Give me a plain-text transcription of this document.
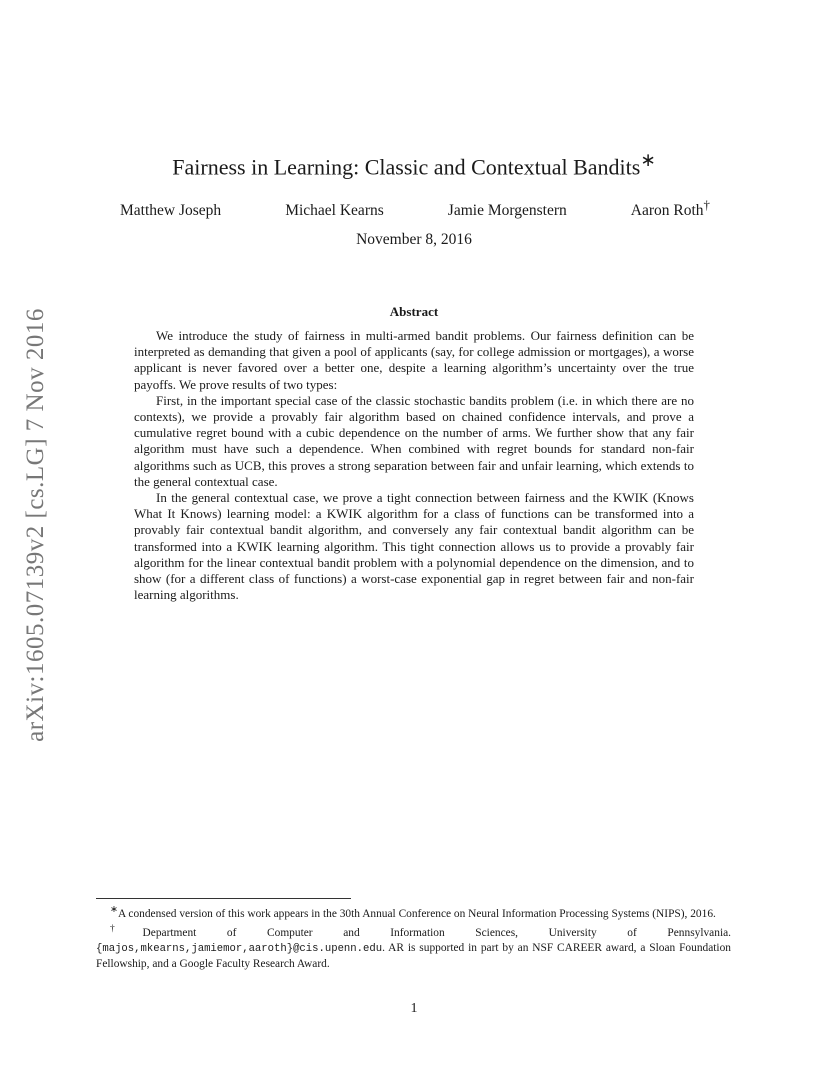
arXiv:1605.07139v2 [cs.LG] 7 Nov 2016
Fairness in Learning: Classic and Contextual Bandits∗
Matthew Joseph	Michael Kearns	Jamie Morgenstern	Aaron Roth†
November 8, 2016
Abstract

We introduce the study of fairness in multi-armed bandit problems. Our fairness definition can be interpreted as demanding that given a pool of applicants (say, for college admission or mortgages), a worse applicant is never favored over a better one, despite a learning algorithm’s uncertainty over the true payoffs. We prove results of two types:

First, in the important special case of the classic stochastic bandits problem (i.e. in which there are no contexts), we provide a provably fair algorithm based on chained confidence intervals, and prove a cumulative regret bound with a cubic dependence on the number of arms. We further show that any fair algorithm must have such a dependence. When combined with regret bounds for standard non-fair algorithms such as UCB, this proves a strong separation between fair and unfair learning, which extends to the general contextual case.

In the general contextual case, we prove a tight connection between fairness and the KWIK (Knows What It Knows) learning model: a KWIK algorithm for a class of functions can be transformed into a provably fair contextual bandit algorithm, and conversely any fair contextual bandit algorithm can be transformed into a KWIK learning algorithm. This tight connection allows us to provide a provably fair algorithm for the linear contextual bandit problem with a polynomial dependence on the dimension, and to show (for a different class of functions) a worst-case exponential gap in regret between fair and non-fair learning algorithms.

∗A condensed version of this work appears in the 30th Annual Conference on Neural Information Processing Systems (NIPS), 2016.

†Department of Computer and Information Sciences, University of Pennsylvania. {majos,mkearns,jamiemor,aaroth}@cis.upenn.edu. AR is supported in part by an NSF CAREER award, a Sloan Foundation Fellowship, and a Google Faculty Research Award.

1
